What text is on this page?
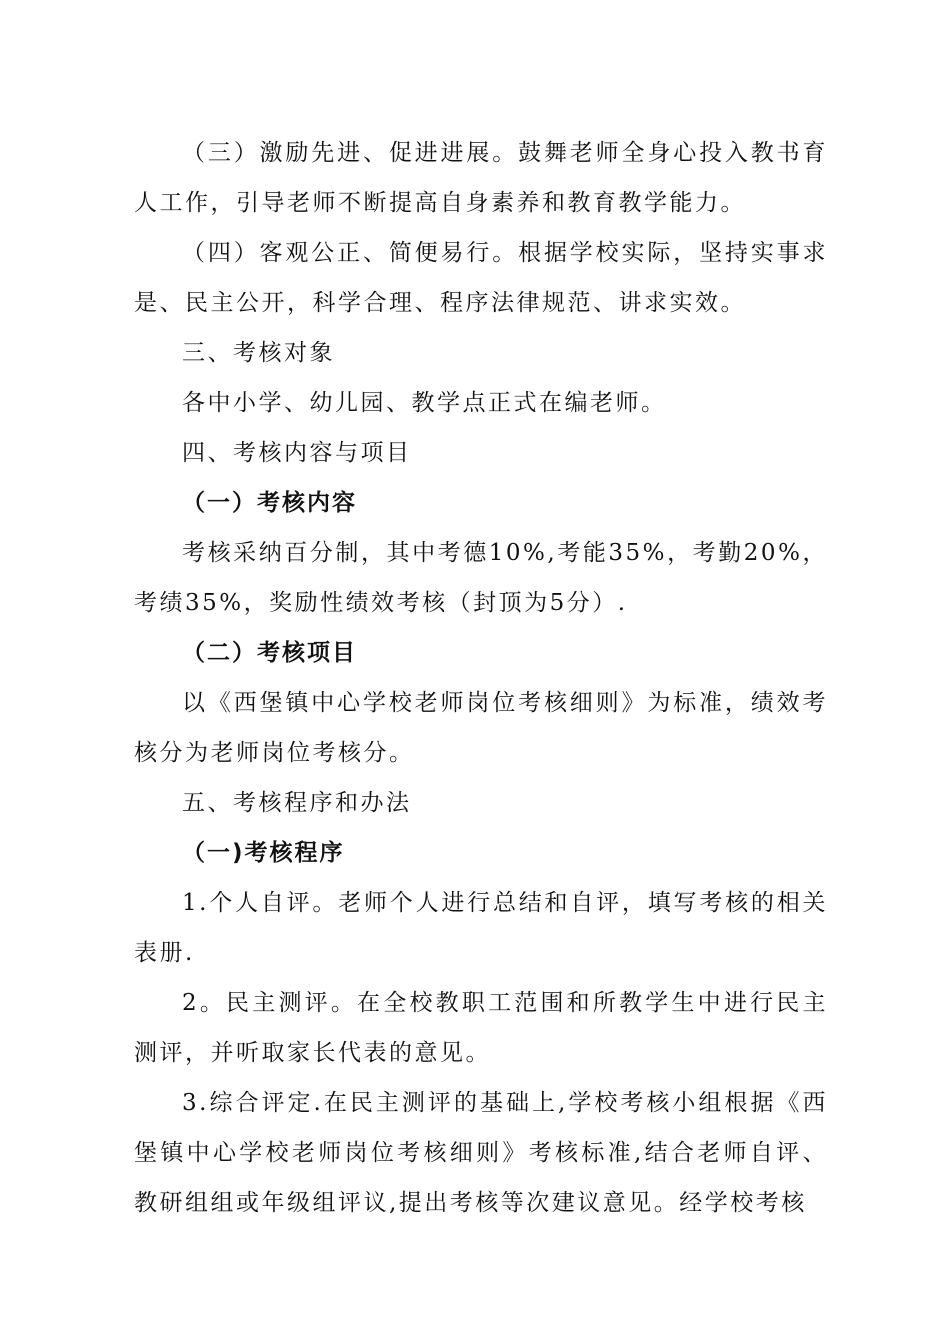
（三）激励先进、促进进展。鼓舞老师全身心投入教书育人工作，引导老师不断提高自身素养和教育教学能力。

（四）客观公正、简便易行。根据学校实际，坚持实事求是、民主公开，科学合理、程序法律规范、讲求实效。

三、考核对象

各中小学、幼儿园、教学点正式在编老师。

四、考核内容与项目

（一）考核内容

考核采纳百分制，其中考德10%,考能35%，考勤20%，考绩35%，奖励性绩效考核（封顶为5分）.

（二）考核项目

以《西堡镇中心学校老师岗位考核细则》为标准，绩效考核分为老师岗位考核分。

五、考核程序和办法

（一)考核程序

1.个人自评。老师个人进行总结和自评，填写考核的相关表册.

2。民主测评。在全校教职工范围和所教学生中进行民主测评，并听取家长代表的意见。

3.综合评定.在民主测评的基础上,学校考核小组根据《西堡镇中心学校老师岗位考核细则》考核标准,结合老师自评、教研组组或年级组评议,提出考核等次建议意见。经学校考核
